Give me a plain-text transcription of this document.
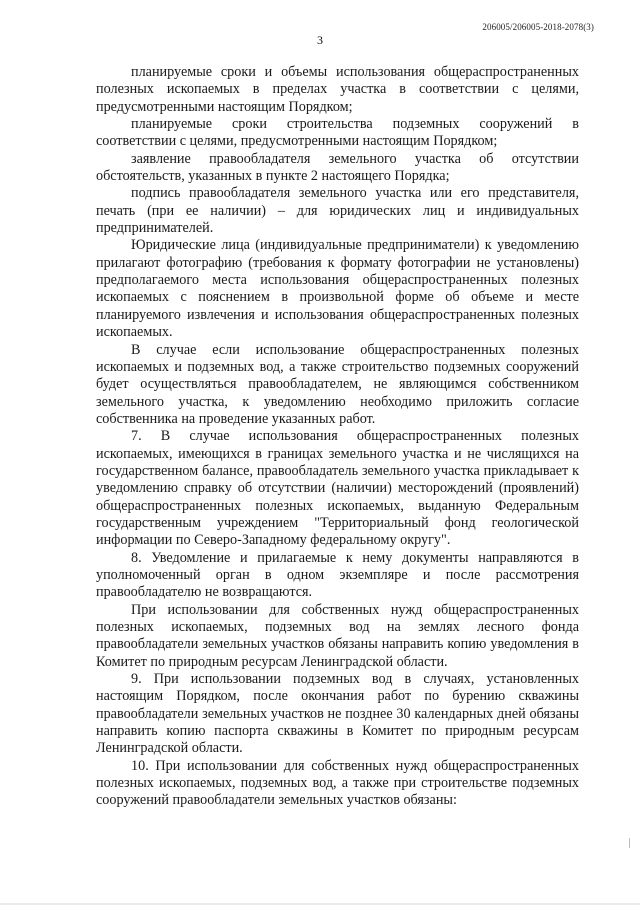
206005/206005-2018-2078(3)
3

планируемые сроки и объемы использования общераспространенных полезных ископаемых в пределах участка в соответствии с целями, предусмотренными настоящим Порядком;

планируемые сроки строительства подземных сооружений в соответствии с целями, предусмотренными настоящим Порядком;

заявление правообладателя земельного участка об отсутствии обстоятельств, указанных в пункте 2 настоящего Порядка;

подпись правообладателя земельного участка или его представителя, печать (при ее наличии) – для юридических лиц и индивидуальных предпринимателей.

Юридические лица (индивидуальные предприниматели) к уведомлению прилагают фотографию (требования к формату фотографии не установлены) предполагаемого места использования общераспространенных полезных ископаемых с пояснением в произвольной форме об объеме и месте планируемого извлечения и использования общераспространенных полезных ископаемых.

В случае если использование общераспространенных полезных ископаемых и подземных вод, а также строительство подземных сооружений будет осуществляться правообладателем, не являющимся собственником земельного участка, к уведомлению необходимо приложить согласие собственника на проведение указанных работ.

7. В случае использования общераспространенных полезных ископаемых, имеющихся в границах земельного участка и не числящихся на государственном балансе, правообладатель земельного участка прикладывает к уведомлению справку об отсутствии (наличии) месторождений (проявлений) общераспространенных полезных ископаемых, выданную Федеральным государственным учреждением "Территориальный фонд геологической информации по Северо-Западному федеральному округу".

8. Уведомление и прилагаемые к нему документы направляются в уполномоченный орган в одном экземпляре и после рассмотрения правообладателю не возвращаются.

При использовании для собственных нужд общераспространенных полезных ископаемых, подземных вод на землях лесного фонда правообладатели земельных участков обязаны направить копию уведомления в Комитет по природным ресурсам Ленинградской области.

9. При использовании подземных вод в случаях, установленных настоящим Порядком, после окончания работ по бурению скважины правообладатели земельных участков не позднее 30 календарных дней обязаны направить копию паспорта скважины в Комитет по природным ресурсам Ленинградской области.

10. При использовании для собственных нужд общераспространенных полезных ископаемых, подземных вод, а также при строительстве подземных сооружений правообладатели земельных участков обязаны:
